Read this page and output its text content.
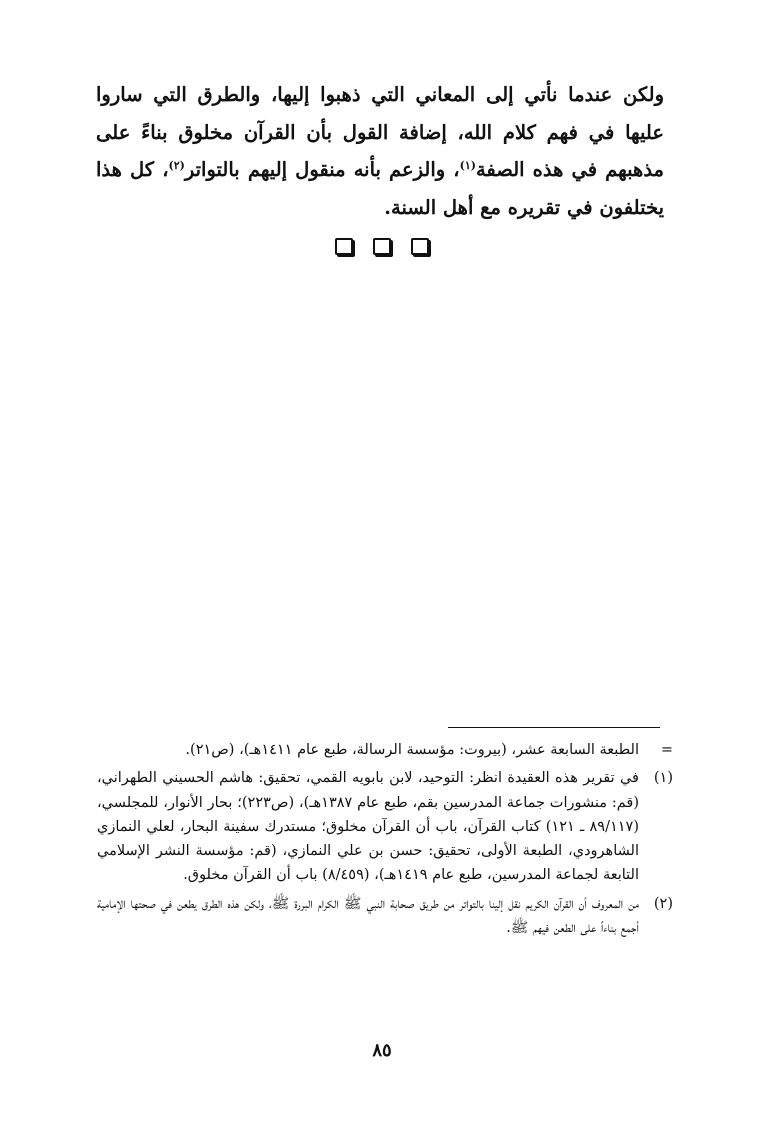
ولكن عندما نأتي إلى المعاني التي ذهبوا إليها، والطرق التي ساروا عليها في فهم كلام الله، إضافة القول بأن القرآن مخلوق بناءً على مذهبهم في هذه الصفة$^{(١)}$، والزعم بأنه منقول إليهم بالتواتر$^{(٢)}$، كل هذا يختلفون في تقريره مع أهل السنة.

=
الطبعة السابعة عشر، (بيروت: مؤسسة الرسالة، طبع عام ١٤١١هـ)، (ص٢١).
(١)
في تقرير هذه العقيدة انظر: التوحيد، لابن بابويه القمي، تحقيق: هاشم الحسيني الطهراني، (قم: منشورات جماعة المدرسين بقم، طبع عام ١٣٨٧هـ)، (ص٢٢٣)؛ بحار الأنوار، للمجلسي، (٨٩/١١٧ ـ ١٢١) كتاب القرآن، باب أن القرآن مخلوق؛ مستدرك سفينة البحار، لعلي النمازي الشاهرودي، الطبعة الأولى، تحقيق: حسن بن علي النمازي، (قم: مؤسسة النشر الإسلامي التابعة لجماعة المدرسين، طبع عام ١٤١٩هـ)، (٨/٤٥٩) باب أن القرآن مخلوق.
(٢)
من المعروف أن القرآن الكريم نقل إلينا بالتواتر من طريق صحابة النبي ﷺ الكرام البررة ﷺ، ولكن هذه الطرق يطعن في صحتها الإمامية أجمع بناءاً على الطعن فيهم ﷺ.
٨٥
